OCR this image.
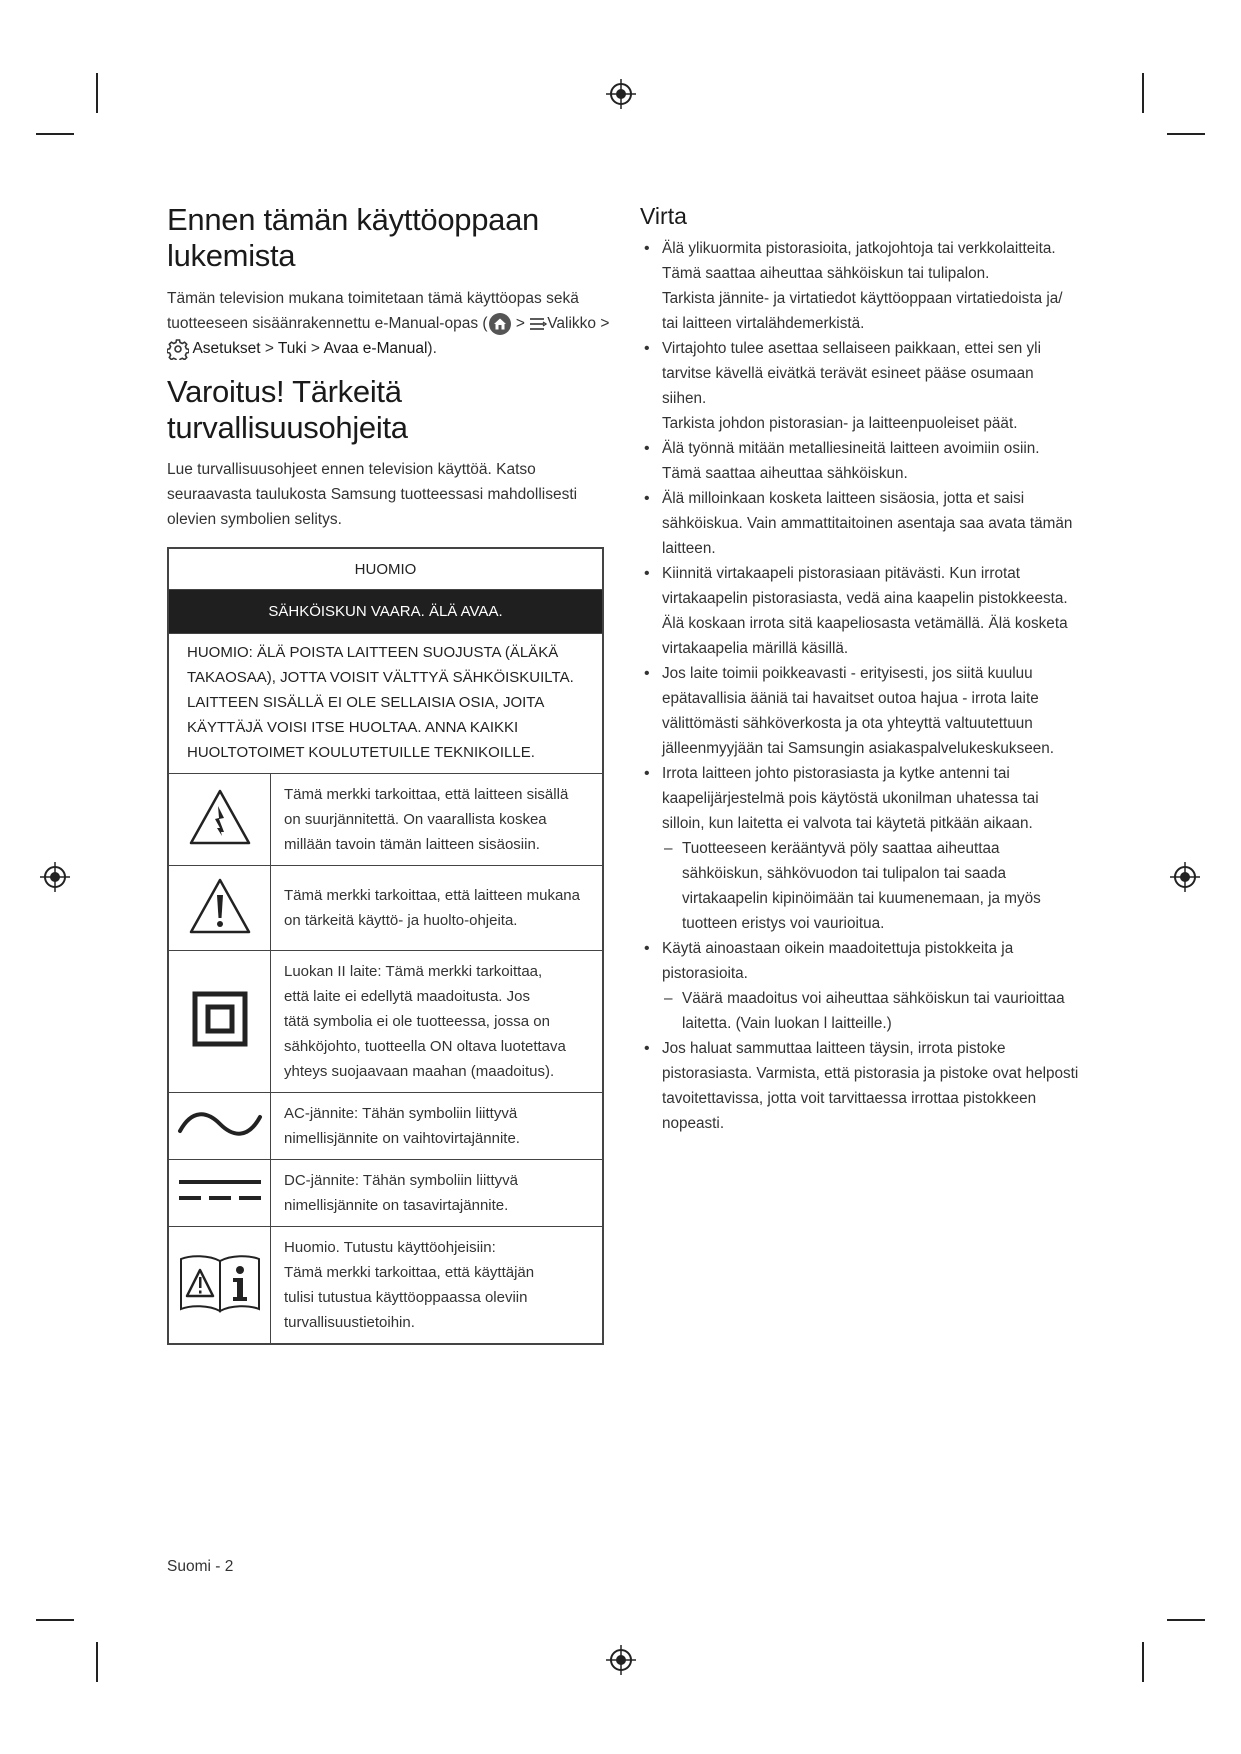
Ennen tämän käyttöoppaan
lukemista
Tämän television mukana toimitetaan tämä käyttöopas sekä
tuotteeseen sisäänrakennettu e-Manual-opas ( > Valikko >
Asetukset > Tuki > Avaa e-Manual).
Varoitus! Tärkeitä
turvallisuusohjeita
Lue turvallisuusohjeet ennen television käyttöä. Katso
seuraavasta taulukosta Samsung tuotteessasi mahdollisesti
olevien symbolien selitys.
HUOMIO	
SÄHKÖISKUN VAARA. ÄLÄ AVAA.	
HUOMIO: ÄLÄ POISTA LAITTEEN SUOJUSTA (ÄLÄKÄ
TAKAOSAA), JOTTA VOISIT VÄLTTYÄ SÄHKÖISKUILTA.
LAITTEEN SISÄLLÄ EI OLE SELLAISIA OSIA, JOITA
KÄYTTÄJÄ VOISI ITSE HUOLTAA. ANNA KAIKKI
HUOLTOTOIMET KOULUTETUILLE TEKNIKOILLE.	
	Tämä merkki tarkoittaa, että laitteen sisällä
on suurjännitettä. On vaarallista koskea
millään tavoin tämän laitteen sisäosiin.
	Tämä merkki tarkoittaa, että laitteen mukana
on tärkeitä käyttö- ja huolto-ohjeita.
	Luokan II laite: Tämä merkki tarkoittaa,
että laite ei edellytä maadoitusta. Jos
tätä symbolia ei ole tuotteessa, jossa on
sähköjohto, tuotteella ON oltava luotettava
yhteys suojaavaan maahan (maadoitus).
	AC-jännite: Tähän symboliin liittyvä
nimellisjännite on vaihtovirtajännite.
	DC-jännite: Tähän symboliin liittyvä
nimellisjännite on tasavirtajännite.
	Huomio. Tutustu käyttöohjeisiin:
Tämä merkki tarkoittaa, että käyttäjän
tulisi tutustua käyttöoppaassa oleviin
turvallisuustietoihin.
Virta
• Älä ylikuormita pistorasioita, jatkojohtoja tai verkkolaitteita.
Tämä saattaa aiheuttaa sähköiskun tai tulipalon.
Tarkista jännite- ja virtatiedot käyttöoppaan virtatiedoista ja/
tai laitteen virtalähdemerkistä.
• Virtajohto tulee asettaa sellaiseen paikkaan, ettei sen yli
tarvitse kävellä eivätkä terävät esineet pääse osumaan siihen.
Tarkista johdon pistorasian- ja laitteenpuoleiset päät.
• Älä työnnä mitään metalliesineitä laitteen avoimiin osiin.
Tämä saattaa aiheuttaa sähköiskun.
• Älä milloinkaan kosketa laitteen sisäosia, jotta et saisi
sähköiskua. Vain ammattitaitoinen asentaja saa avata tämän
laitteen.
• Kiinnitä virtakaapeli pistorasiaan pitävästi. Kun irrotat
virtakaapelin pistorasiasta, vedä aina kaapelin pistokkeesta.
Älä koskaan irrota sitä kaapeliosasta vetämällä. Älä kosketa
virtakaapelia märillä käsillä.
• Jos laite toimii poikkeavasti - erityisesti, jos siitä kuuluu
epätavallisia ääniä tai havaitset outoa hajua - irrota laite
välittömästi sähköverkosta ja ota yhteyttä valtuutettuun
jälleenmyyjään tai Samsungin asiakaspalvelukeskukseen.
• Irrota laitteen johto pistorasiasta ja kytke antenni tai
kaapelijärjestelmä pois käytöstä ukonilman uhatessa tai
silloin, kun laitetta ei valvota tai käytetä pitkään aikaan.
– Tuotteeseen kerääntyvä pöly saattaa aiheuttaa
sähköiskun, sähkövuodon tai tulipalon tai saada
virtakaapelin kipinöimään tai kuumenemaan, ja myös
tuotteen eristys voi vaurioitua.
• Käytä ainoastaan oikein maadoitettuja pistokkeita ja
pistorasioita.
– Väärä maadoitus voi aiheuttaa sähköiskun tai vaurioittaa
laitetta. (Vain luokan l laitteille.)
• Jos haluat sammuttaa laitteen täysin, irrota pistoke
pistorasiasta. Varmista, että pistorasia ja pistoke ovat helposti
tavoitettavissa, jotta voit tarvittaessa irrottaa pistokkeen
nopeasti.
Suomi - 2
